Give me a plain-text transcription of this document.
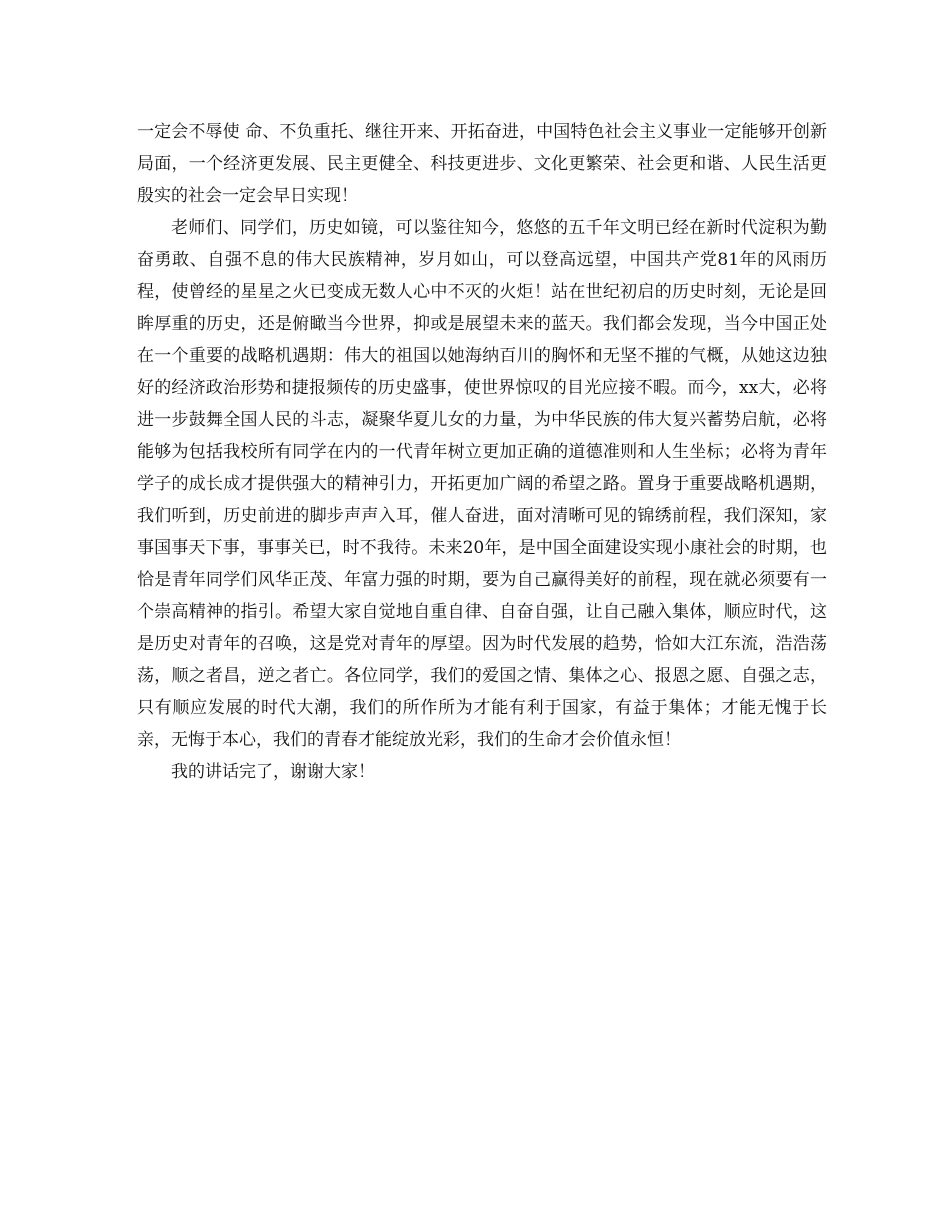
一定会不辱使 命、不负重托、继往开来、开拓奋进，中国特色社会主义事业一定能够开创新局面，一个经济更发展、民主更健全、科技更进步、文化更繁荣、社会更和谐、人民生活更殷实的社会一定会早日实现！

老师们、同学们，历史如镜，可以鉴往知今，悠悠的五千年文明已经在新时代淀积为勤奋勇敢、自强不息的伟大民族精神，岁月如山，可以登高远望，中国共产党81年的风雨历程，使曾经的星星之火已变成无数人心中不灭的火炬！站在世纪初启的历史时刻，无论是回眸厚重的历史，还是俯瞰当今世界，抑或是展望未来的蓝天。我们都会发现，当今中国正处在一个重要的战略机遇期：伟大的祖国以她海纳百川的胸怀和无坚不摧的气概，从她这边独好的经济政治形势和捷报频传的历史盛事，使世界惊叹的目光应接不暇。而今，xx大，必将进一步鼓舞全国人民的斗志，凝聚华夏儿女的力量，为中华民族的伟大复兴蓄势启航，必将能够为包括我校所有同学在内的一代青年树立更加正确的道德准则和人生坐标；必将为青年学子的成长成才提供强大的精神引力，开拓更加广阔的希望之路。置身于重要战略机遇期，我们听到，历史前进的脚步声声入耳，催人奋进，面对清晰可见的锦绣前程，我们深知，家事国事天下事，事事关已，时不我待。未来20年，是中国全面建设实现小康社会的时期，也恰是青年同学们风华正茂、年富力强的时期，要为自己赢得美好的前程，现在就必须要有一个崇高精神的指引。希望大家自觉地自重自律、自奋自强，让自己融入集体，顺应时代，这是历史对青年的召唤，这是党对青年的厚望。因为时代发展的趋势，恰如大江东流，浩浩荡荡，顺之者昌，逆之者亡。各位同学，我们的爱国之情、集体之心、报恩之愿、自强之志，只有顺应发展的时代大潮，我们的所作所为才能有利于国家，有益于集体；才能无愧于长亲，无悔于本心，我们的青春才能绽放光彩，我们的生命才会价值永恒！

我的讲话完了，谢谢大家！
